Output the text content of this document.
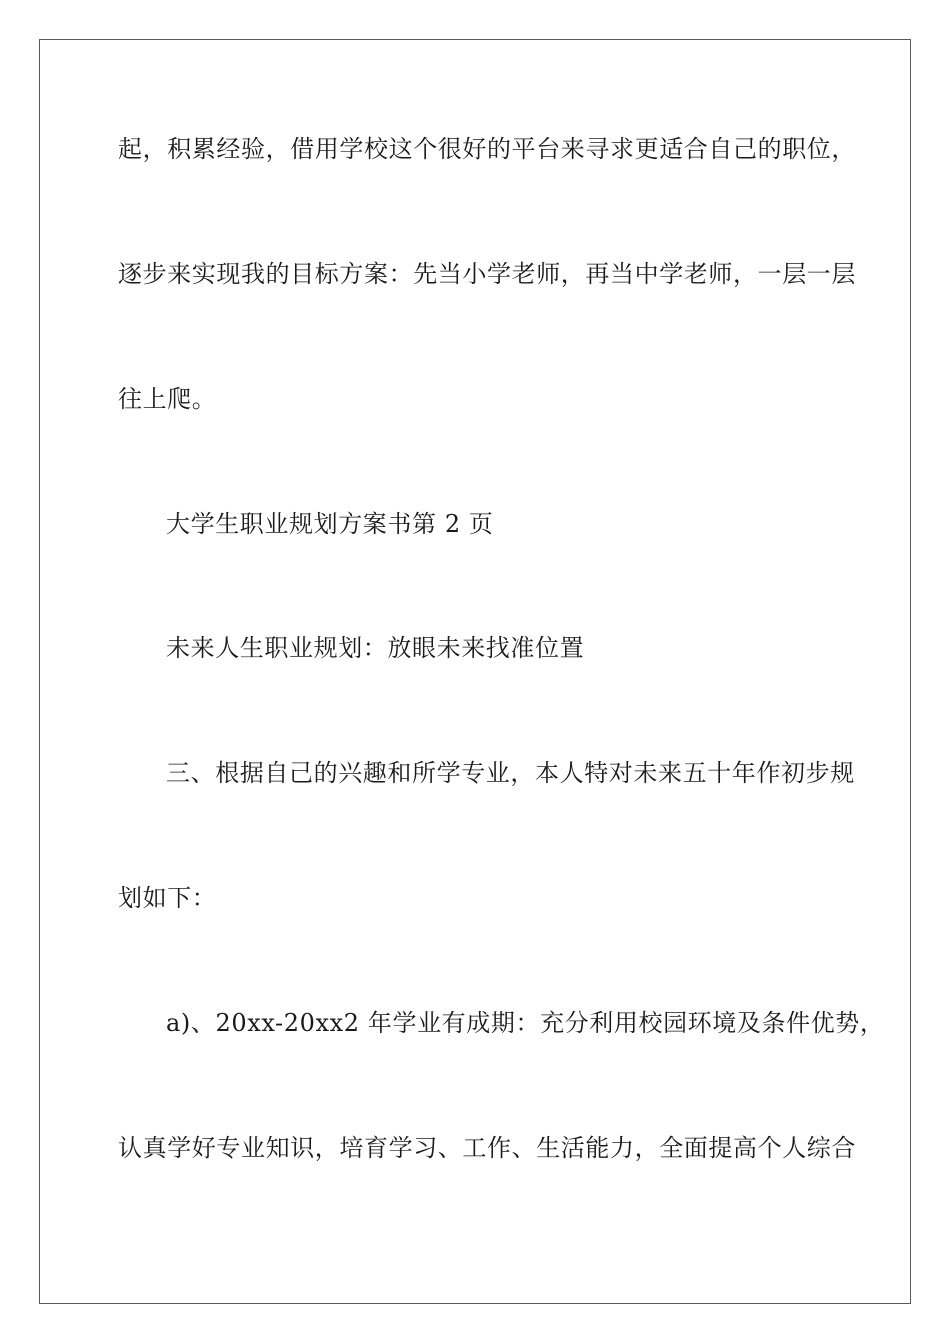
起，积累经验，借用学校这个很好的平台来寻求更适合自己的职位，
逐步来实现我的目标方案：先当小学老师，再当中学老师，一层一层
往上爬。
大学生职业规划方案书第 2 页
未来人生职业规划：放眼未来找准位置
三、根据自己的兴趣和所学专业，本人特对未来五十年作初步规
划如下：
a)、20xx-20xx2 年学业有成期：充分利用校园环境及条件优势，
认真学好专业知识，培育学习、工作、生活能力，全面提高个人综合
